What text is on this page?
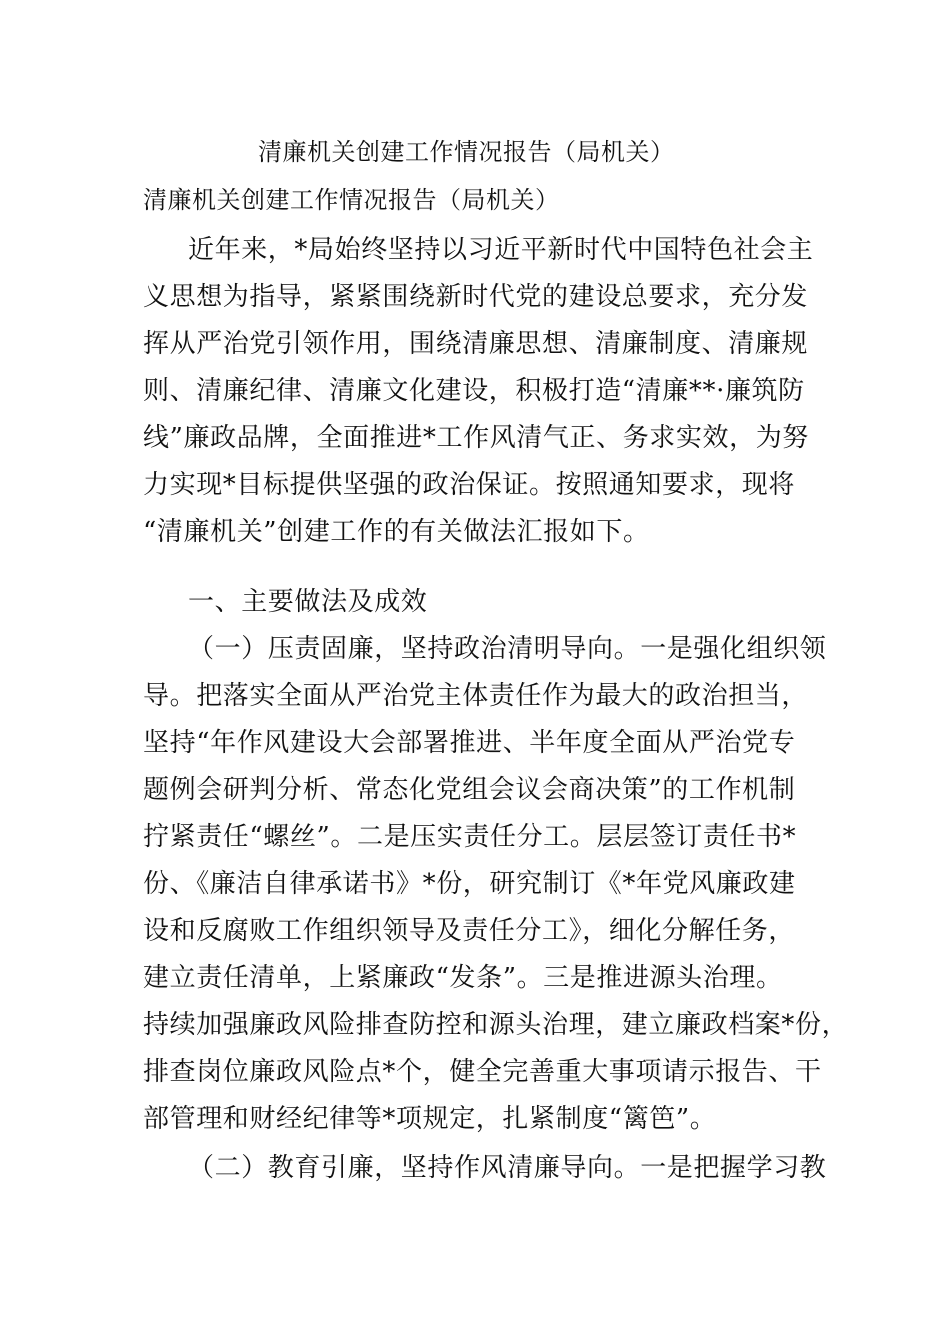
清廉机关创建工作情况报告（局机关）
清廉机关创建工作情况报告（局机关）
近年来，*局始终坚持以习近平新时代中国特色社会主
义思想为指导，紧紧围绕新时代党的建设总要求，充分发
挥从严治党引领作用，围绕清廉思想、清廉制度、清廉规
则、清廉纪律、清廉文化建设，积极打造“清廉**·廉筑防
线”廉政品牌，全面推进*工作风清气正、务求实效，为努
力实现*目标提供坚强的政治保证。按照通知要求，现将
“清廉机关”创建工作的有关做法汇报如下。
一、主要做法及成效
（一）压责固廉，坚持政治清明导向。一是强化组织领
导。把落实全面从严治党主体责任作为最大的政治担当，
坚持“年作风建设大会部署推进、半年度全面从严治党专
题例会研判分析、常态化党组会议会商决策”的工作机制
拧紧责任“螺丝”。二是压实责任分工。层层签订责任书*
份、《廉洁自律承诺书》*份，研究制订《*年党风廉政建
设和反腐败工作组织领导及责任分工》，细化分解任务，
建立责任清单，上紧廉政“发条”。三是推进源头治理。
持续加强廉政风险排查防控和源头治理，建立廉政档案*份，
排查岗位廉政风险点*个，健全完善重大事项请示报告、干
部管理和财经纪律等*项规定，扎紧制度“篱笆”。
（二）教育引廉，坚持作风清廉导向。一是把握学习教
